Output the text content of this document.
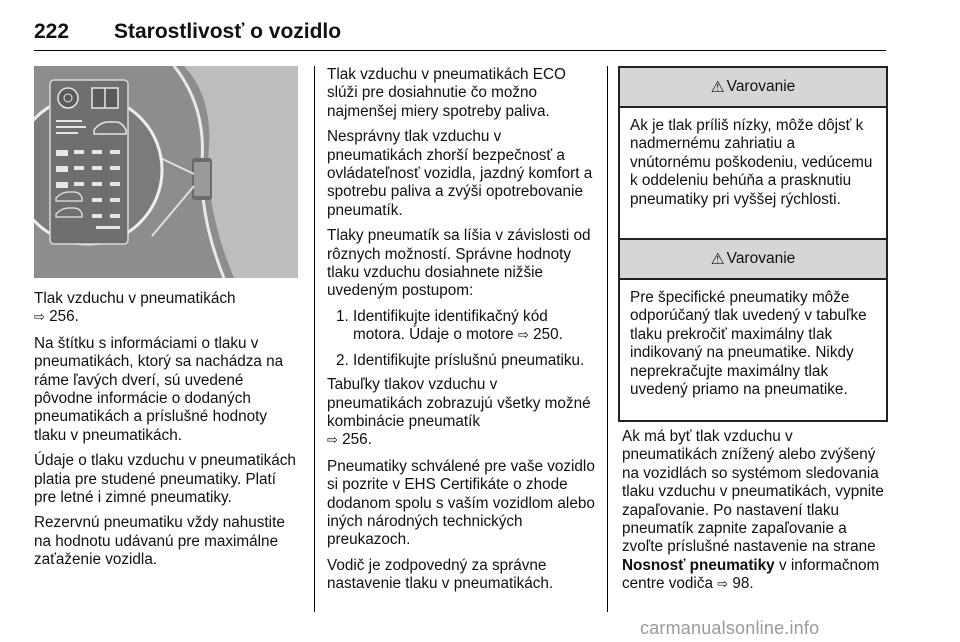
222 Starostlivosť o vozidlo

Tlak vzduchu v pneumatikách
⇨ 256.

Na štítku s informáciami o tlaku v pneumatikách, ktorý sa nachádza na ráme ľavých dverí, sú uvedené pôvodne informácie o dodaných pneumatikách a príslušné hodnoty tlaku v pneumatikách.

Údaje o tlaku vzduchu v pneumatikách platia pre studené pneumatiky. Platí pre letné i zimné pneumatiky.

Rezervnú pneumatiku vždy nahustite na hodnotu udávanú pre maximálne zaťaženie vozidla.

Tlak vzduchu v pneumatikách ECO slúži pre dosiahnutie čo možno najmenšej miery spotreby paliva.

Nesprávny tlak vzduchu v pneumatikách zhorší bezpečnosť a ovládateľnosť vozidla, jazdný komfort a spotrebu paliva a zvýši opotrebovanie pneumatík.

Tlaky pneumatík sa líšia v závislosti od rôznych možností. Správne hodnoty tlaku vzduchu dosiahnete nižšie uvedeným postupom:

1. Identifikujte identifikačný kód motora. Údaje o motore ⇨ 250.
2. Identifikujte príslušnú pneumatiku.

Tabuľky tlakov vzduchu v pneumatikách zobrazujú všetky možné kombinácie pneumatík
⇨ 256.

Pneumatiky schválené pre vaše vozidlo si pozrite v EHS Certifikáte o zhode dodanom spolu s vaším vozidlom alebo iných národných technických preukazoch.

Vodič je zodpovedný za správne nastavenie tlaku v pneumatikách.

⚠ Varovanie
Ak je tlak príliš nízky, môže dôjsť k nadmernému zahriatiu a vnútornému poškodeniu, vedúcemu k oddeleniu behúňa a prasknutiu pneumatiky pri vyššej rýchlosti.
⚠ Varovanie
Pre špecifické pneumatiky môže odporúčaný tlak uvedený v tabuľke tlaku prekročiť maximálny tlak indikovaný na pneumatike. Nikdy neprekračujte maximálny tlak uvedený priamo na pneumatike.

Ak má byť tlak vzduchu v pneumatikách znížený alebo zvýšený na vozidlách so systémom sledovania tlaku vzduchu v pneumatikách, vypnite zapaľovanie. Po nastavení tlaku pneumatík zapnite zapaľovanie a zvoľte príslušné nastavenie na strane Nosnosť pneumatiky v informačnom centre vodiča ⇨ 98.

carmanualsonline.info
